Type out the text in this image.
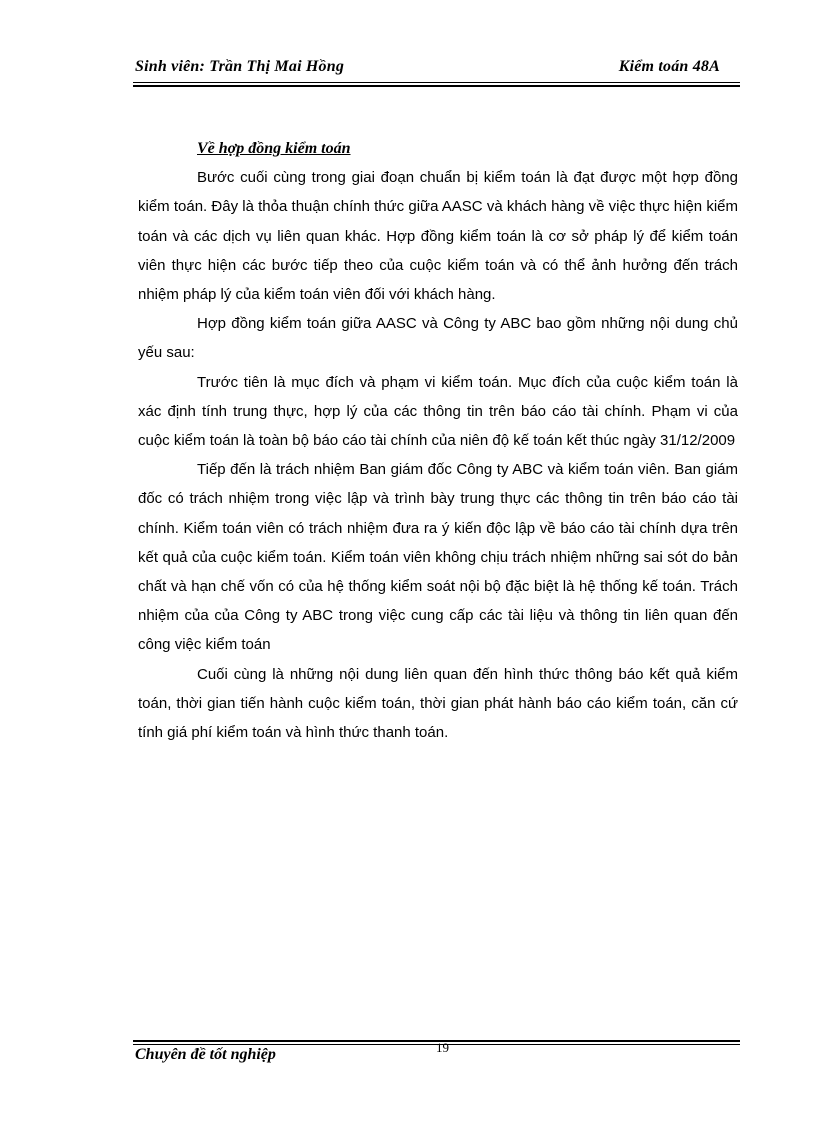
Sinh viên: Trần Thị Mai Hồng	Kiểm toán 48A
Về hợp đồng kiểm toán

Bước cuối cùng trong giai đoạn chuẩn bị kiểm toán là đạt được một hợp đồng kiểm toán. Đây là thỏa thuận chính thức giữa AASC và khách hàng về việc thực hiện kiểm toán và các dịch vụ liên quan khác. Hợp đồng kiểm toán là cơ sở pháp lý để kiểm toán viên thực hiện các bước tiếp theo của cuộc kiểm toán và có thể ảnh hưởng đến trách nhiệm pháp lý của kiểm toán viên đối với khách hàng.

Hợp đồng kiểm toán giữa AASC và Công ty ABC bao gồm những nội dung chủ yếu sau:

Trước tiên là mục đích và phạm vi kiểm toán. Mục đích của cuộc kiểm toán là xác định tính trung thực, hợp lý của các thông tin trên báo cáo tài chính. Phạm vi của cuộc kiểm toán là toàn bộ báo cáo tài chính của niên độ kế toán kết thúc ngày 31/12/2009

Tiếp đến là trách nhiệm Ban giám đốc Công ty ABC và kiểm toán viên. Ban giám đốc có trách nhiệm trong việc lập và trình bày trung thực các thông tin trên báo cáo tài chính. Kiểm toán viên có trách nhiệm đưa ra ý kiến độc lập về báo cáo tài chính dựa trên kết quả của cuộc kiểm toán. Kiểm toán viên không chịu trách nhiệm những sai sót do bản chất và hạn chế vốn có của hệ thống kiểm soát nội bộ đặc biệt là hệ thống kế toán. Trách nhiệm của của Công ty ABC trong việc cung cấp các tài liệu và thông tin liên quan đến công việc kiểm toán

Cuối cùng là những nội dung liên quan đến hình thức thông báo kết quả kiểm toán, thời gian tiến hành cuộc kiểm toán, thời gian phát hành báo cáo kiểm toán, căn cứ tính giá phí kiểm toán và hình thức thanh toán.

19
Chuyên đề tốt nghiệp
